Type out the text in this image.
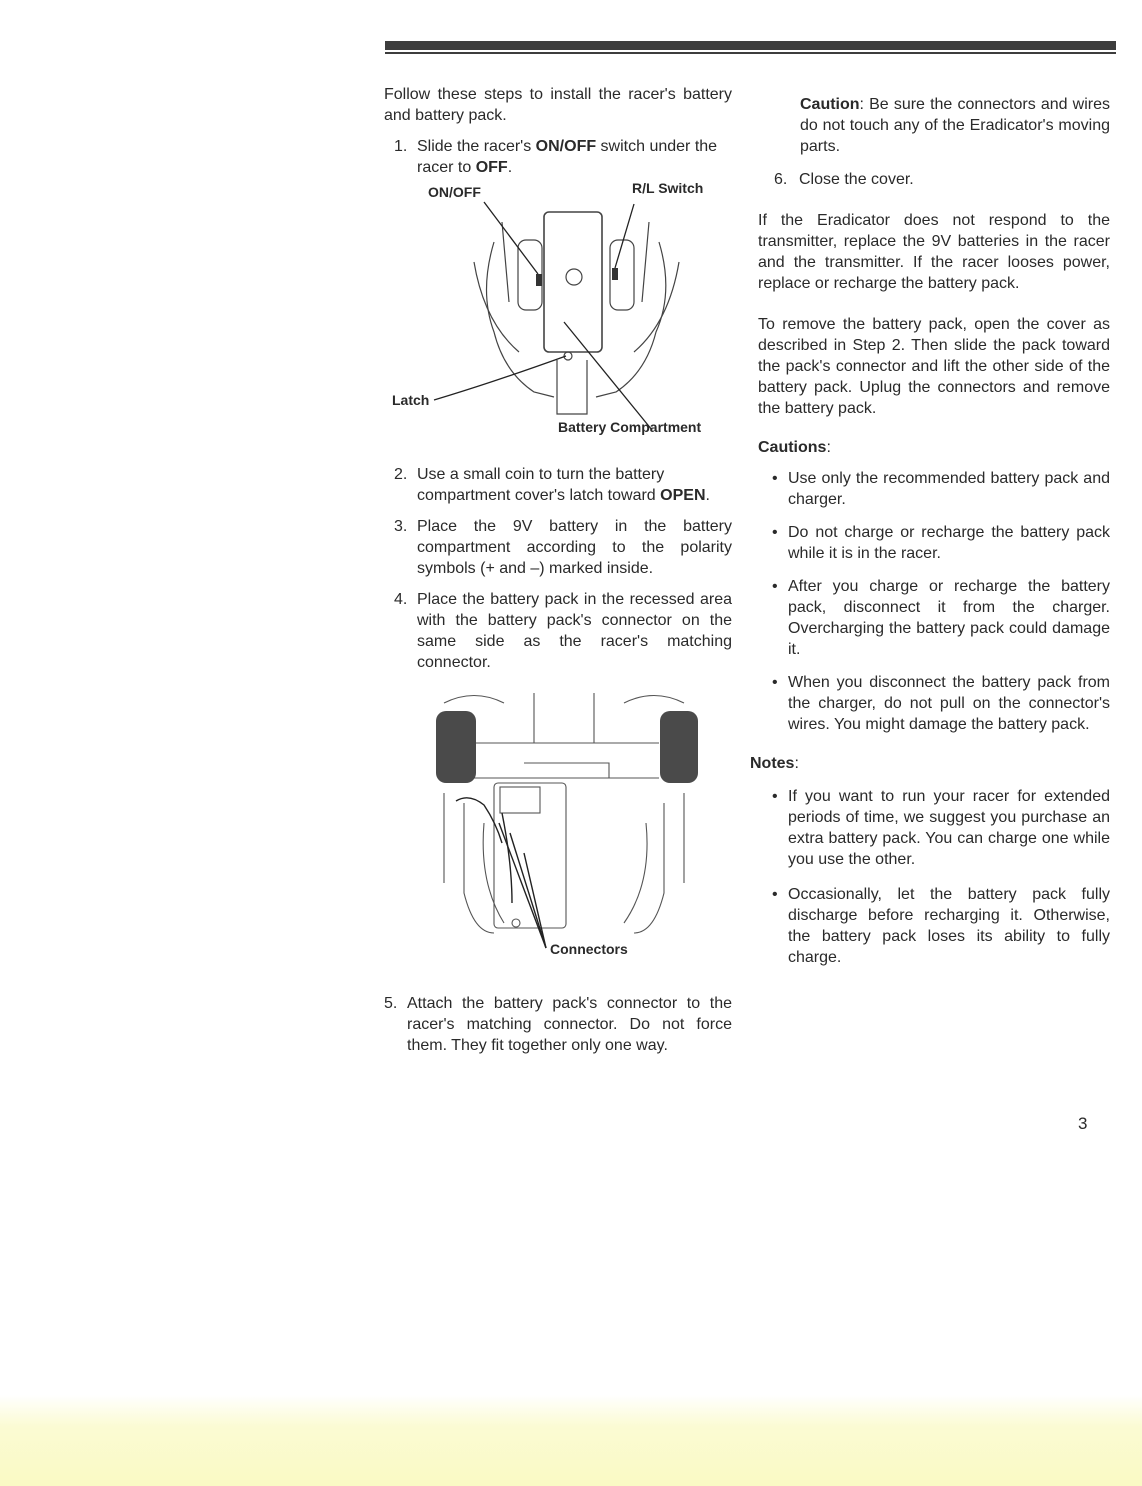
Follow these steps to install the racer's battery and battery pack.

1. Slide the racer's ON/OFF switch under the racer to OFF.
ON/OFF	R/L Switch
Latch
Battery Compartment
2. Use a small coin to turn the battery compartment cover's latch toward OPEN.
3. Place the 9V battery in the battery compartment according to the polarity symbols (+ and –) marked inside.
4. Place the battery pack in the recessed area with the battery pack's connector on the same side as the racer's matching connector.
Connectors
5. Attach the battery pack's connector to the racer's matching connector. Do not force them. They fit together only one way.

Caution: Be sure the connectors and wires do not touch any of the Eradicator's moving parts.

6. Close the cover.

If the Eradicator does not respond to the transmitter, replace the 9V batteries in the racer and the transmitter. If the racer looses power, replace or recharge the battery pack.

To remove the battery pack, open the cover as described in Step 2. Then slide the pack toward the pack's connector and lift the other side of the battery pack. Uplug the connectors and remove the battery pack.

Cautions:

• Use only the recommended battery pack and charger.
• Do not charge or recharge the battery pack while it is in the racer.
• After you charge or recharge the battery pack, disconnect it from the charger. Overcharging the battery pack could damage it.
• When you disconnect the battery pack from the charger, do not pull on the connector's wires. You might damage the battery pack.

Notes:

• If you want to run your racer for extended periods of time, we suggest you purchase an extra battery pack. You can charge one while you use the other.
• Occasionally, let the battery pack fully discharge before recharging it. Otherwise, the battery pack loses its ability to fully charge.
3
